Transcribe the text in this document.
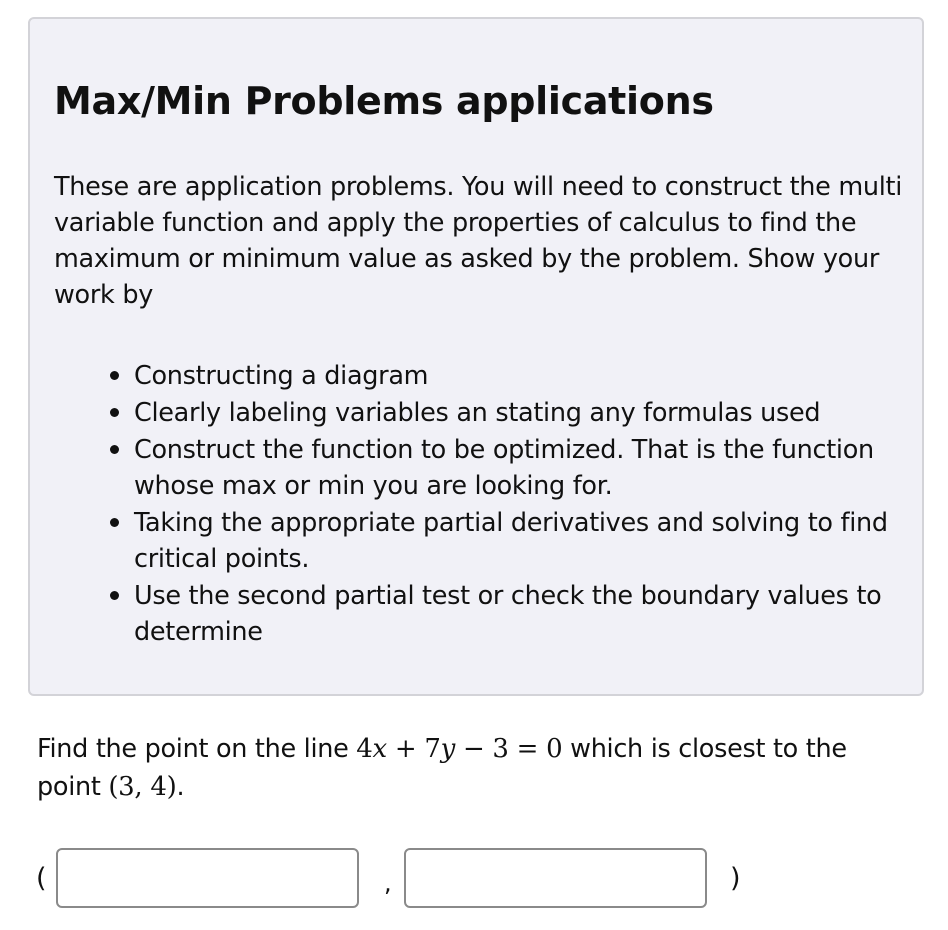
Max/Min Problems applications

These are application problems. You will need to construct the multi variable function and apply the properties of calculus to find the maximum or minimum value as asked by the problem. Show your work by

• Constructing a diagram
• Clearly labeling variables an stating any formulas used
• Construct the function to be optimized. That is the function whose max or min you are looking for.
• Taking the appropriate partial derivatives and solving to find critical points.
• Use the second partial test or check the boundary values to determine

Find the point on the line 4x + 7y − 3 = 0 which is closest to the point (3, 4).

(	,	)
